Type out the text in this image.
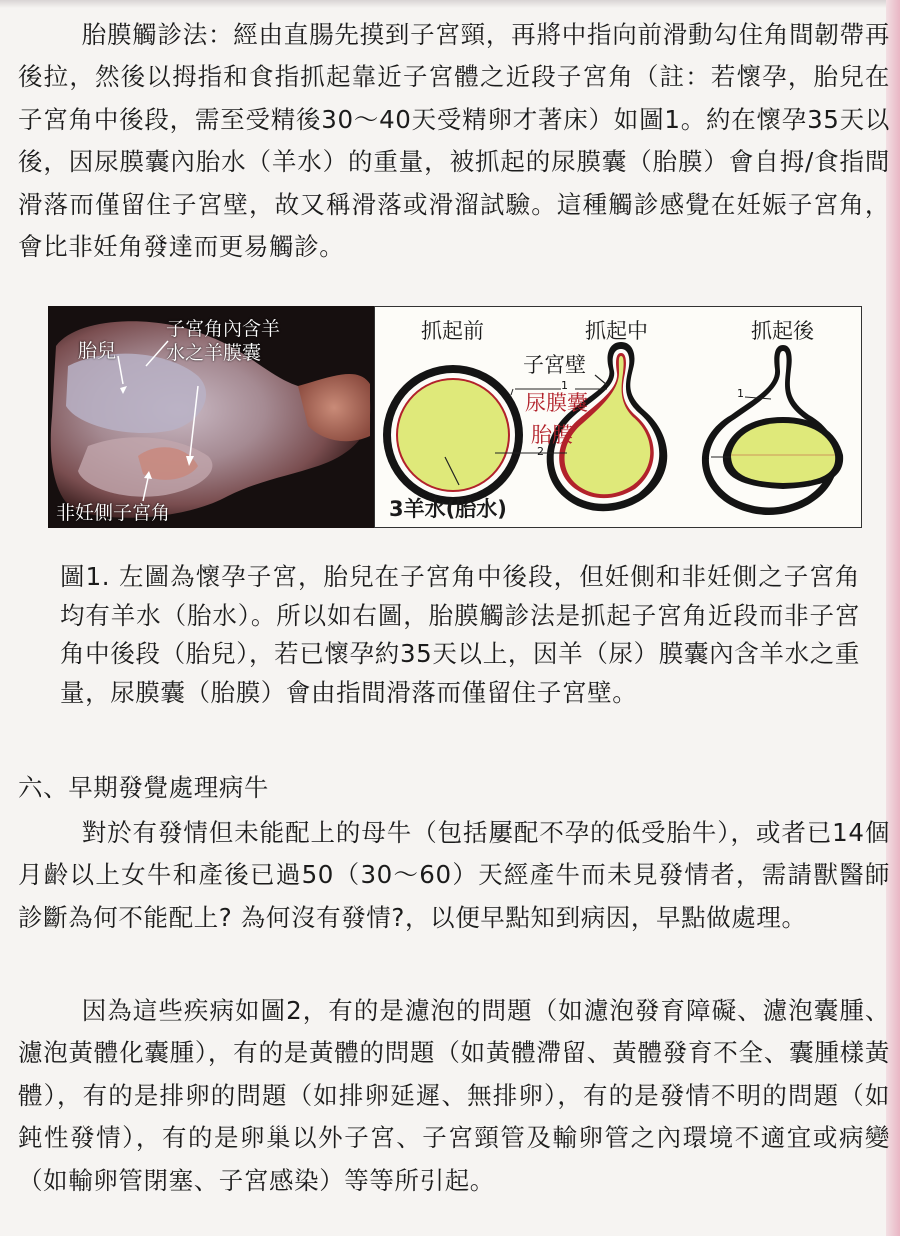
胎膜觸診法：經由直腸先摸到子宮頸，再將中指向前滑動勾住角間韌帶再後拉，然後以拇指和食指抓起靠近子宮體之近段子宮角（註：若懷孕，胎兒在子宮角中後段，需至受精後30～40天受精卵才著床）如圖1。約在懷孕35天以後，因尿膜囊內胎水（羊水）的重量，被抓起的尿膜囊（胎膜）會自拇/食指間滑落而僅留住子宮壁，故又稱滑落或滑溜試驗。這種觸診感覺在妊娠子宮角，會比非妊角發達而更易觸診。

胎兒
子宮角內含羊
水之羊膜囊
非妊側子宮角
抓起前	抓起中	抓起後
子宮壁
尿膜囊
胎膜
3羊水(胎水)
1
2
1
2

圖1. 左圖為懷孕子宮，胎兒在子宮角中後段，但妊側和非妊側之子宮角均有羊水（胎水）。所以如右圖，胎膜觸診法是抓起子宮角近段而非子宮角中後段（胎兒），若已懷孕約35天以上，因羊（尿）膜囊內含羊水之重量，尿膜囊（胎膜）會由指間滑落而僅留住子宮壁。

六、早期發覺處理病牛

對於有發情但未能配上的母牛（包括屢配不孕的低受胎牛），或者已14個月齡以上女牛和產後已過50（30～60）天經產牛而未見發情者，需請獸醫師診斷為何不能配上? 為何沒有發情?，以便早點知到病因，早點做處理。

因為這些疾病如圖2，有的是濾泡的問題（如濾泡發育障礙、濾泡囊腫、濾泡黃體化囊腫），有的是黃體的問題（如黃體滯留、黃體發育不全、囊腫樣黃體），有的是排卵的問題（如排卵延遲、無排卵），有的是發情不明的問題（如鈍性發情），有的是卵巢以外子宮、子宮頸管及輸卵管之內環境不適宜或病變（如輸卵管閉塞、子宮感染）等等所引起。
